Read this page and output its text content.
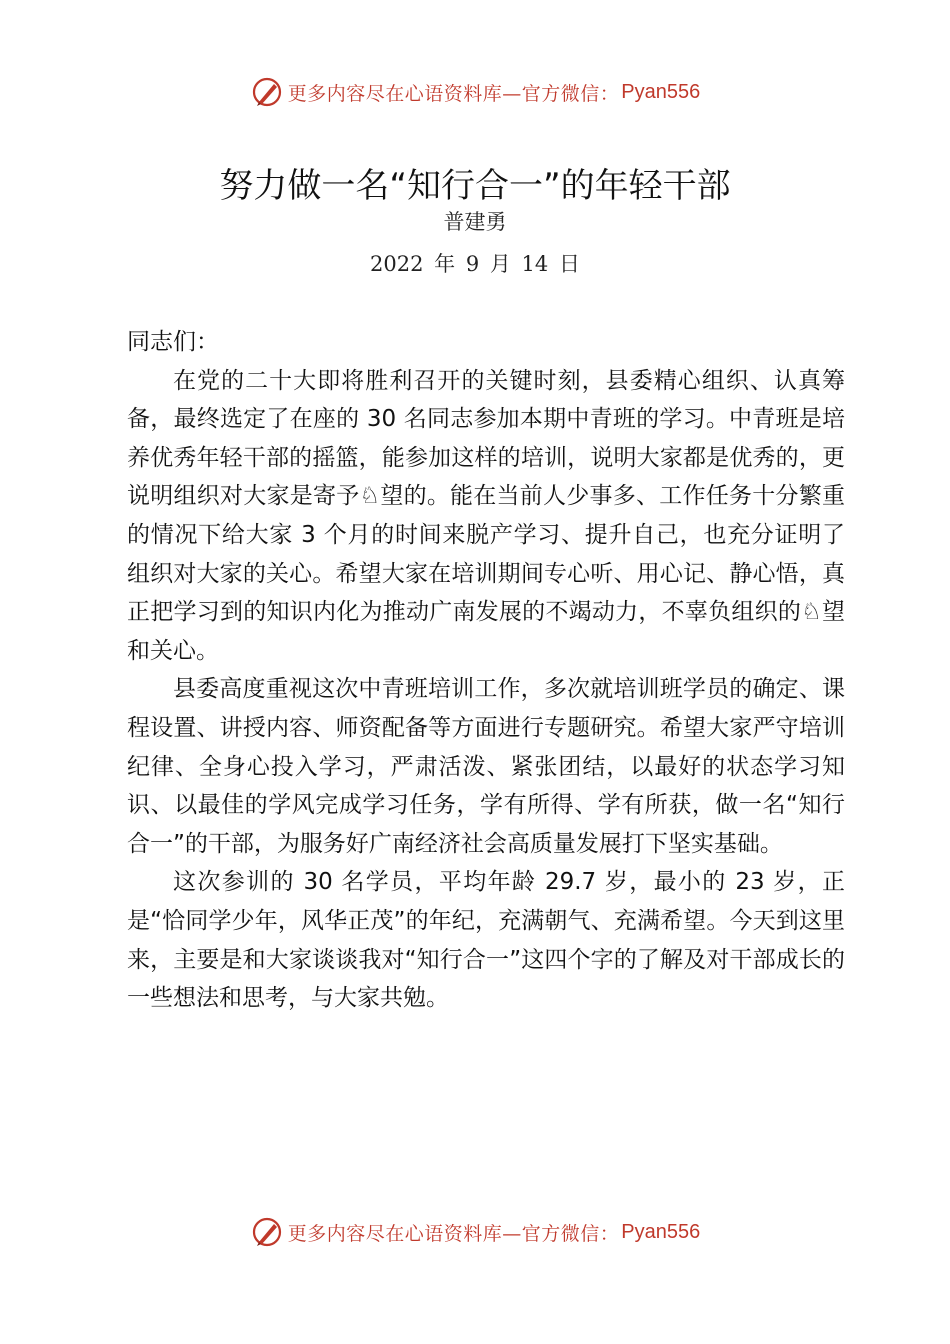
更多内容尽在心语资料库—官方微信： Pyan556
努力做一名“知行合一”的年轻干部
普建勇
2022 年 9 月 14 日

同志们：

在党的二十大即将胜利召开的关键时刻，县委精心组织、认真筹备，最终选定了在座的 30 名同志参加本期中青班的学习。中青班是培养优秀年轻干部的摇篮，能参加这样的培训，说明大家都是优秀的，更说明组织对大家是寄予♘望的。能在当前人少事多、工作任务十分繁重的情况下给大家 3 个月的时间来脱产学习、提升自己，也充分证明了组织对大家的关心。希望大家在培训期间专心听、用心记、静心悟，真正把学习到的知识内化为推动广南发展的不竭动力，不辜负组织的♘望和关心。

县委高度重视这次中青班培训工作，多次就培训班学员的确定、课程设置、讲授内容、师资配备等方面进行专题研究。希望大家严守培训纪律、全身心投入学习，严肃活泼、紧张团结，以最好的状态学习知识、以最佳的学风完成学习任务，学有所得、学有所获，做一名“知行合一”的干部，为服务好广南经济社会高质量发展打下坚实基础。

这次参训的 30 名学员，平均年龄 29.7 岁，最小的 23 岁，正是“恰同学少年，风华正茂”的年纪，充满朝气、充满希望。今天到这里来，主要是和大家谈谈我对“知行合一”这四个字的了解及对干部成长的一些想法和思考，与大家共勉。

更多内容尽在心语资料库—官方微信： Pyan556
